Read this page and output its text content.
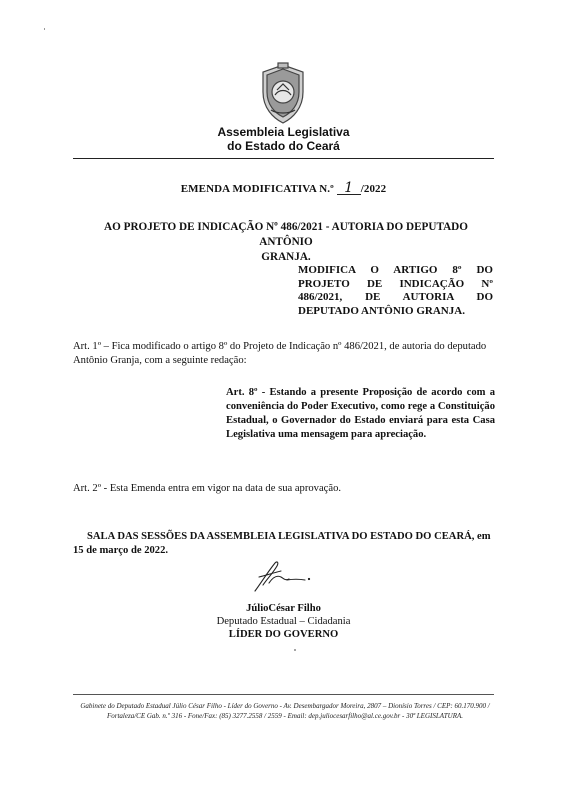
Assembleia Legislativa
do Estado do Ceará
EMENDA MODIFICATIVA N.º 1 /2022
AO PROJETO DE INDICAÇÃO Nº 486/2021 - AUTORIA DO DEPUTADO ANTÔNIO
GRANJA.
MODIFICA O ARTIGO 8º DO PROJETO DE INDICAÇÃO Nº 486/2021, DE AUTORIA DO DEPUTADO ANTÔNIO GRANJA.
Art. 1º – Fica modificado o artigo 8º do Projeto de Indicação nº 486/2021, de autoria do deputado Antônio Granja, com a seguinte redação:
Art. 8º - Estando a presente Proposição de acordo com a conveniência do Poder Executivo, como rege a Constituição Estadual, o Governador do Estado enviará para esta Casa Legislativa uma mensagem para apreciação.
Art. 2º - Esta Emenda entra em vigor na data de sua aprovação.
SALA DAS SESSÕES DA ASSEMBLEIA LEGISLATIVA DO ESTADO DO CEARÁ, em 15 de março de 2022.
JúlioCésar Filho
Deputado Estadual – Cidadania
LÍDER DO GOVERNO
Gabinete do Deputado Estadual Júlio César Filho - Líder do Governo - Av. Desembargador Moreira, 2807 – Dionísio Torres / CEP: 60.170.900 /
Fortaleza/CE Gab. n.º 316 - Fone/Fax: (85) 3277.2558 / 2559 - Email: dep.juliocesarfilho@al.ce.gov.br - 30ª LEGISLATURA.
